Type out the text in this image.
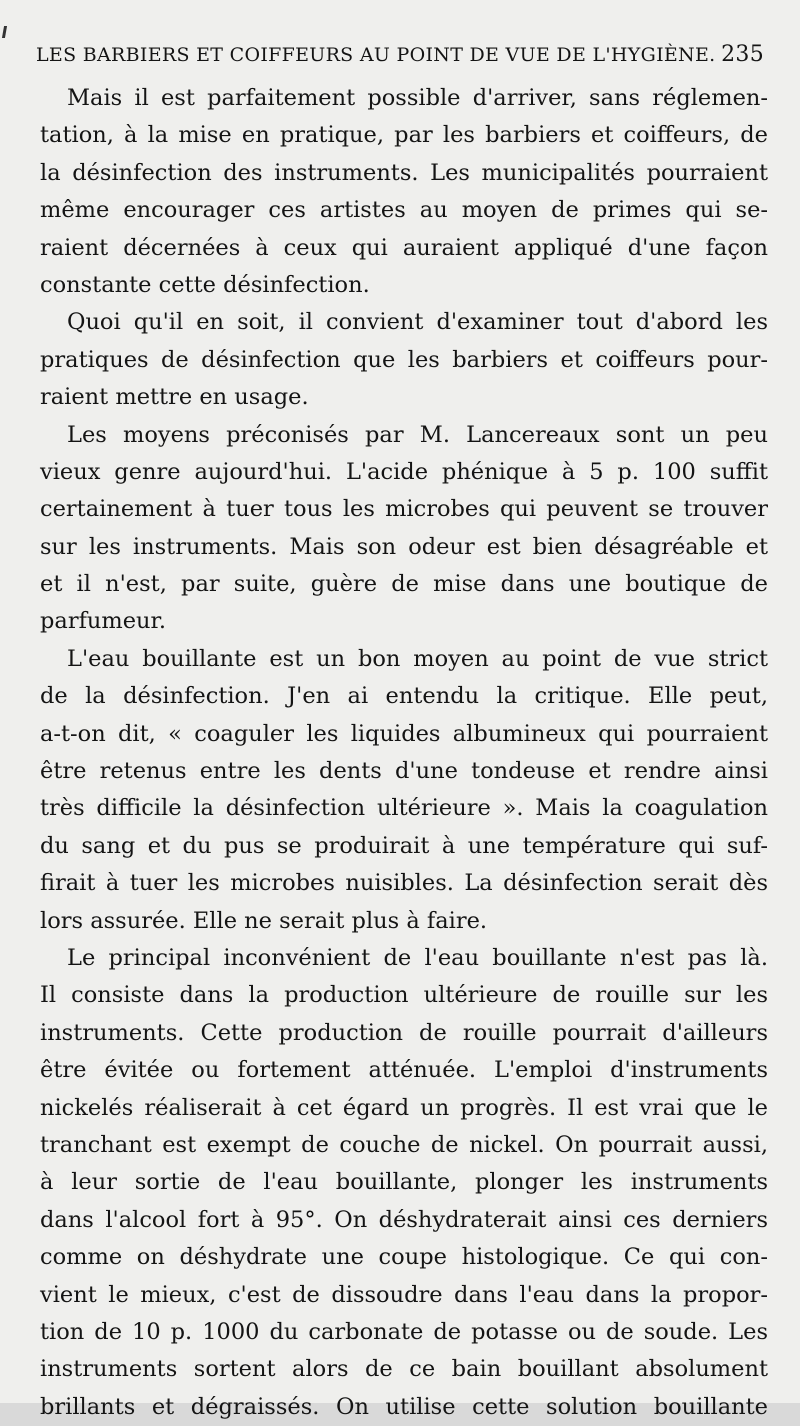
LES BARBIERS ET COIFFEURS AU POINT DE VUE DE L'HYGIÈNE. 235
Mais il est parfaitement possible d'arriver, sans réglemen-
tation, à la mise en pratique, par les barbiers et coiffeurs, de
la désinfection des instruments. Les municipalités pourraient
même encourager ces artistes au moyen de primes qui se-
raient décernées à ceux qui auraient appliqué d'une façon
constante cette désinfection.
Quoi qu'il en soit, il convient d'examiner tout d'abord les
pratiques de désinfection que les barbiers et coiffeurs pour-
raient mettre en usage.
Les moyens préconisés par M. Lancereaux sont un peu
vieux genre aujourd'hui. L'acide phénique à 5 p. 100 suffit
certainement à tuer tous les microbes qui peuvent se trouver
sur les instruments. Mais son odeur est bien désagréable et
et il n'est, par suite, guère de mise dans une boutique de
parfumeur.
L'eau bouillante est un bon moyen au point de vue strict
de la désinfection. J'en ai entendu la critique. Elle peut,
a-t-on dit, « coaguler les liquides albumineux qui pourraient
être retenus entre les dents d'une tondeuse et rendre ainsi
très difficile la désinfection ultérieure ». Mais la coagulation
du sang et du pus se produirait à une température qui suf-
firait à tuer les microbes nuisibles. La désinfection serait dès
lors assurée. Elle ne serait plus à faire.
Le principal inconvénient de l'eau bouillante n'est pas là.
Il consiste dans la production ultérieure de rouille sur les
instruments. Cette production de rouille pourrait d'ailleurs
être évitée ou fortement atténuée. L'emploi d'instruments
nickelés réaliserait à cet égard un progrès. Il est vrai que le
tranchant est exempt de couche de nickel. On pourrait aussi,
à leur sortie de l'eau bouillante, plonger les instruments
dans l'alcool fort à 95°. On déshydraterait ainsi ces derniers
comme on déshydrate une coupe histologique. Ce qui con-
vient le mieux, c'est de dissoudre dans l'eau dans la propor-
tion de 10 p. 1000 du carbonate de potasse ou de soude. Les
instruments sortent alors de ce bain bouillant absolument
brillants et dégraissés. On utilise cette solution bouillante
